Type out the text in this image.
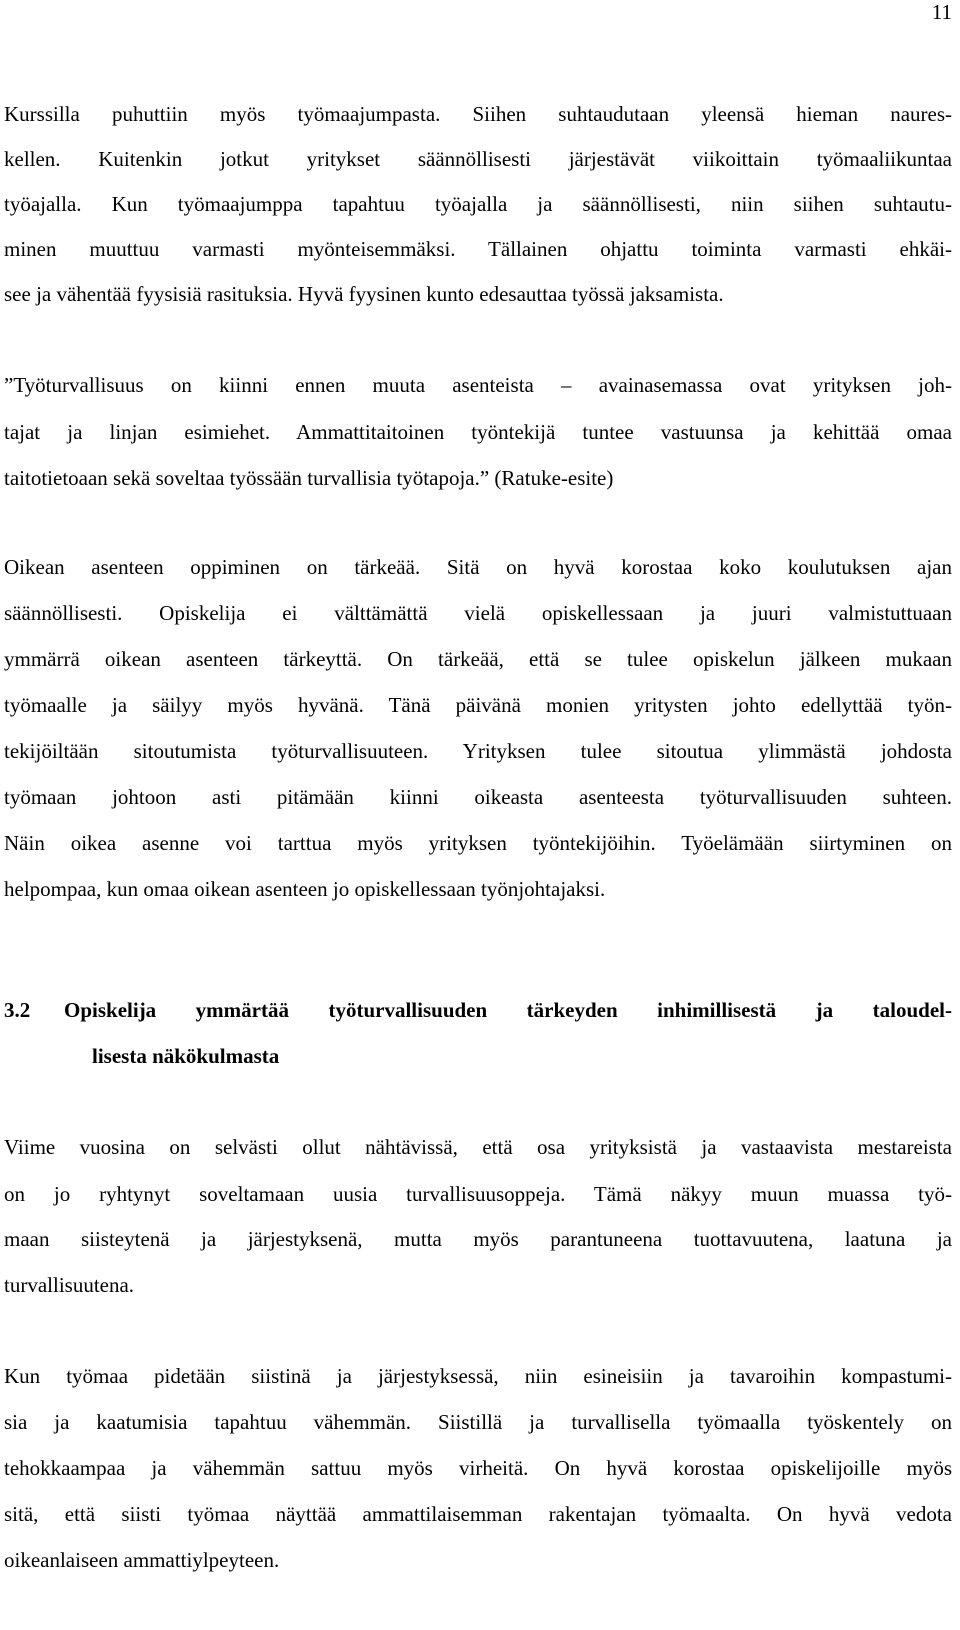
11
Kurssilla puhuttiin myös työmaajumpasta. Siihen suhtaudutaan yleensä hieman naures-
kellen. Kuitenkin jotkut yritykset säännöllisesti järjestävät viikoittain työmaaliikuntaa
työajalla. Kun työmaajumppa tapahtuu työajalla ja säännöllisesti, niin siihen suhtautu-
minen muuttuu varmasti myönteisemmäksi. Tällainen ohjattu toiminta varmasti ehkäi-
see ja vähentää fyysisiä rasituksia. Hyvä fyysinen kunto edesauttaa työssä jaksamista.
”Työturvallisuus on kiinni ennen muuta asenteista – avainasemassa ovat yrityksen joh-
tajat ja linjan esimiehet. Ammattitaitoinen työntekijä tuntee vastuunsa ja kehittää omaa
taitotietoaan sekä soveltaa työssään turvallisia työtapoja.” (Ratuke-esite)
Oikean asenteen oppiminen on tärkeää. Sitä on hyvä korostaa koko koulutuksen ajan
säännöllisesti. Opiskelija ei välttämättä vielä opiskellessaan ja juuri valmistuttuaan
ymmärrä oikean asenteen tärkeyttä. On tärkeää, että se tulee opiskelun jälkeen mukaan
työmaalle ja säilyy myös hyvänä. Tänä päivänä monien yritysten johto edellyttää työn-
tekijöiltään sitoutumista työturvallisuuteen. Yrityksen tulee sitoutua ylimmästä johdosta
työmaan johtoon asti pitämään kiinni oikeasta asenteesta työturvallisuuden suhteen.
Näin oikea asenne voi tarttua myös yrityksen työntekijöihin. Työelämään siirtyminen on
helpompaa, kun omaa oikean asenteen jo opiskellessaan työnjohtajaksi.
3.2 Opiskelija ymmärtää työturvallisuuden tärkeyden inhimillisestä ja taloudel-
lisesta näkökulmasta
Viime vuosina on selvästi ollut nähtävissä, että osa yrityksistä ja vastaavista mestareista
on jo ryhtynyt soveltamaan uusia turvallisuusoppeja. Tämä näkyy muun muassa työ-
maan siisteytenä ja järjestyksenä, mutta myös parantuneena tuottavuutena, laatuna ja
turvallisuutena.
Kun työmaa pidetään siistinä ja järjestyksessä, niin esineisiin ja tavaroihin kompastumi-
sia ja kaatumisia tapahtuu vähemmän. Siistillä ja turvallisella työmaalla työskentely on
tehokkaampaa ja vähemmän sattuu myös virheitä. On hyvä korostaa opiskelijoille myös
sitä, että siisti työmaa näyttää ammattilaisemman rakentajan työmaalta. On hyvä vedota
oikeanlaiseen ammattiylpeyteen.
